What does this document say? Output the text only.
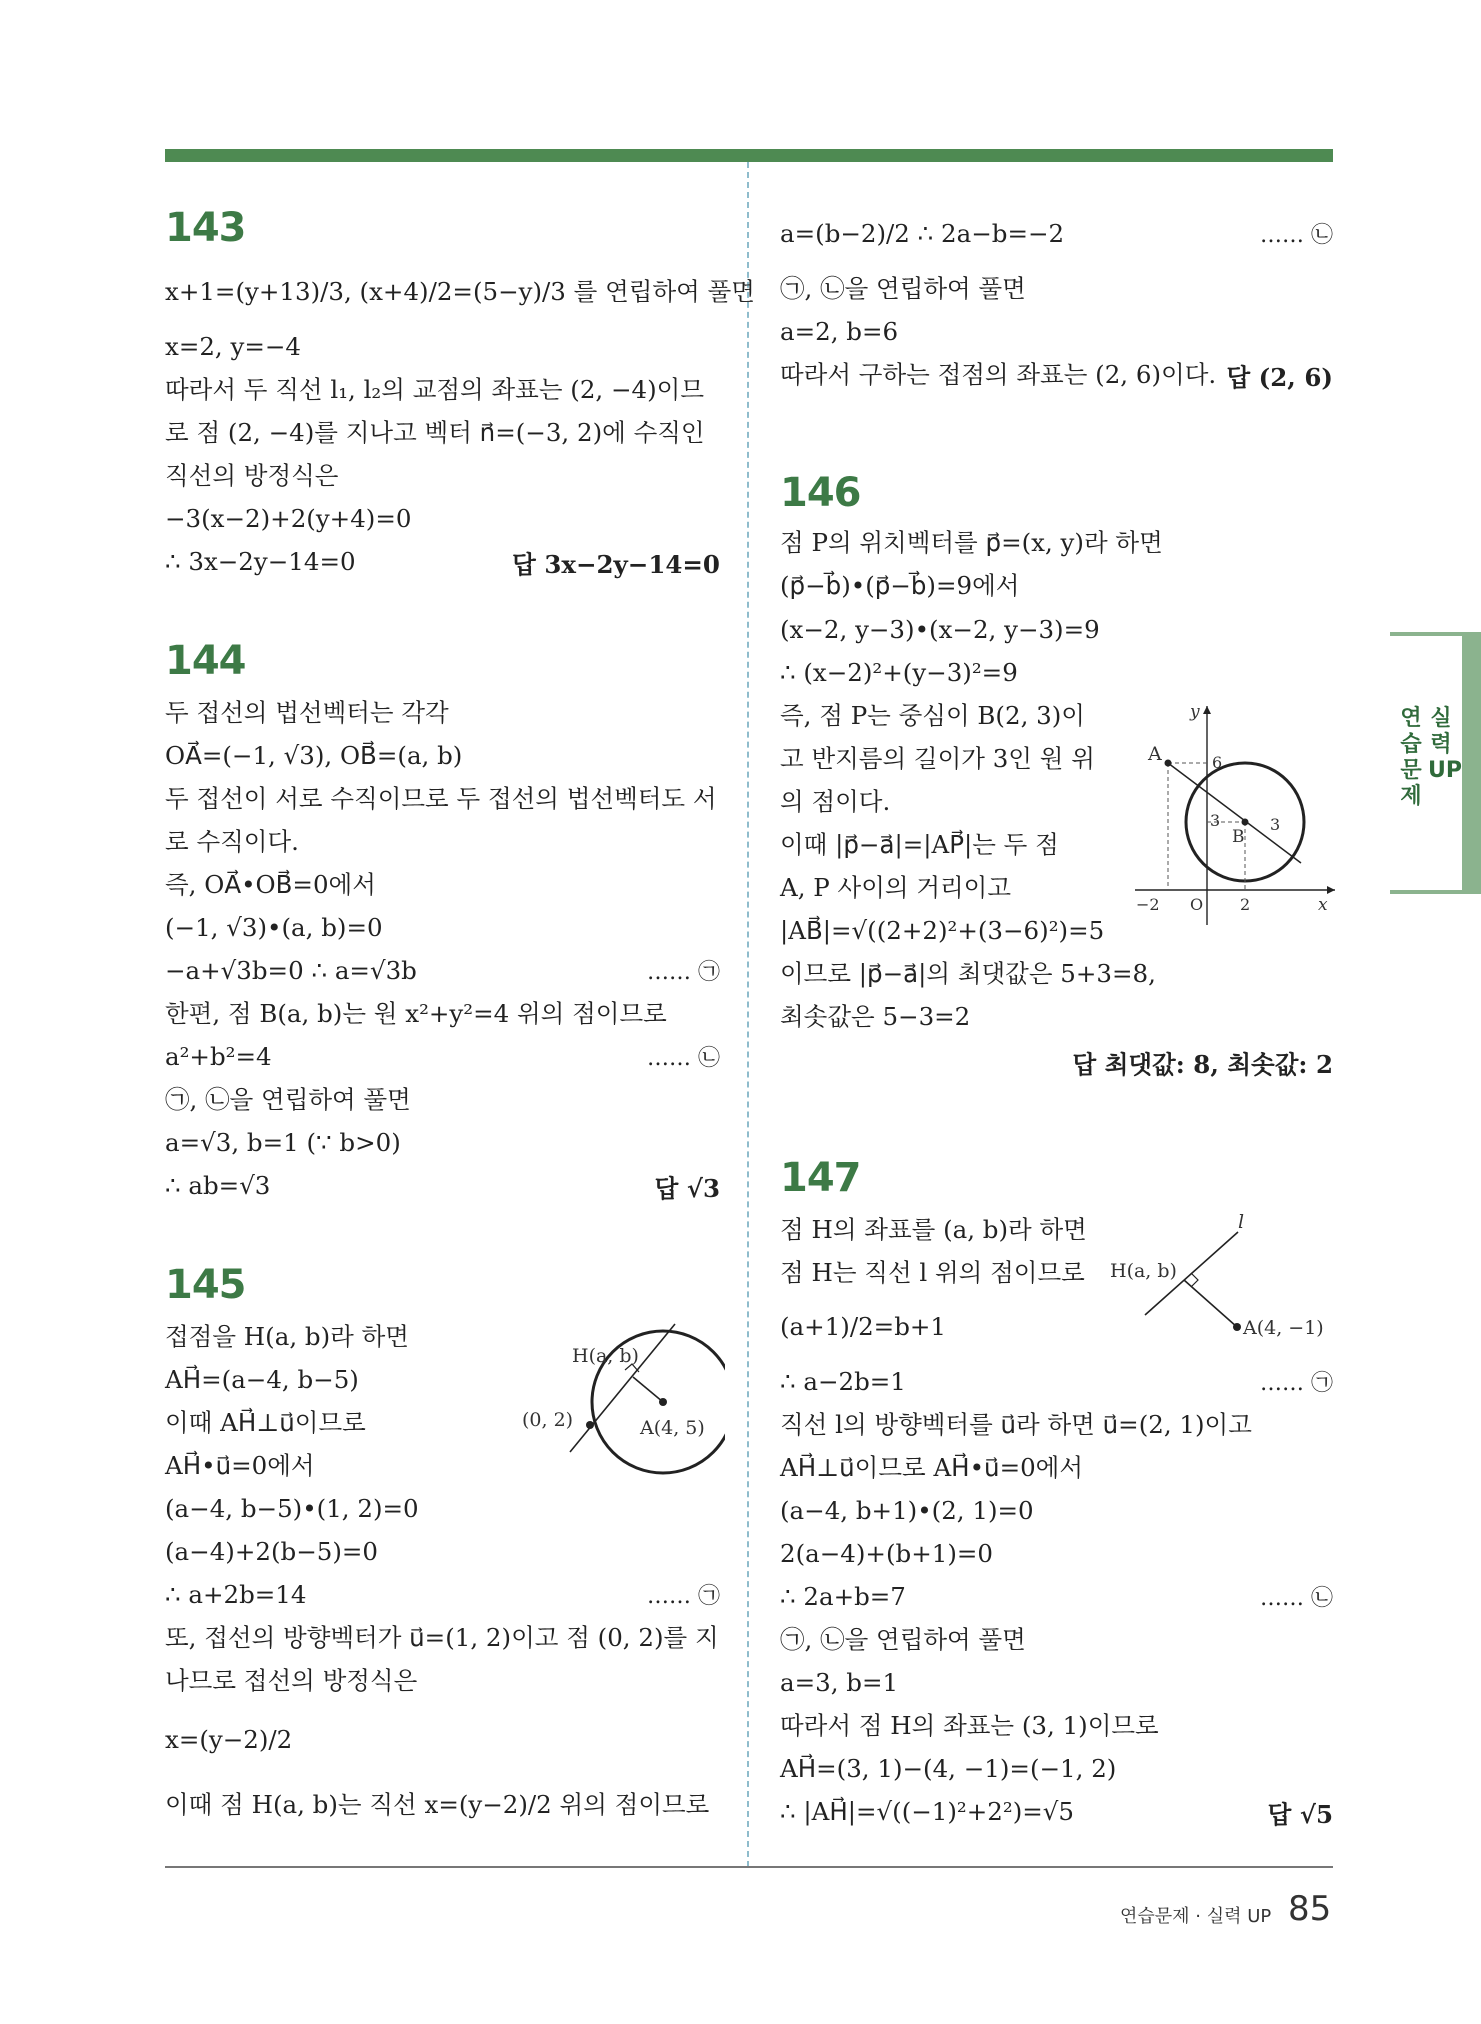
143
x+1=(y+13)/3, (x+4)/2=(5−y)/3 를 연립하여 풀면
x=2, y=−4
따라서 두 직선 l₁, l₂의 교점의 좌표는 (2, −4)이므
로 점 (2, −4)를 지나고 벡터 n⃗=(−3, 2)에 수직인
직선의 방정식은
−3(x−2)+2(y+4)=0
∴ 3x−2y−14=0	답 3x−2y−14=0
144
두 접선의 법선벡터는 각각
OA⃗=(−1, √3), OB⃗=(a, b)
두 접선이 서로 수직이므로 두 접선의 법선벡터도 서
로 수직이다.
즉, OA⃗•OB⃗=0에서
(−1, √3)•(a, b)=0
−a+√3b=0 ∴ a=√3b	…… ㉠
한편, 점 B(a, b)는 원 x²+y²=4 위의 점이므로
a²+b²=4	…… ㉡
㉠, ㉡을 연립하여 풀면
a=√3, b=1 (∵ b>0)
∴ ab=√3	답 √3
145
접점을 H(a, b)라 하면
AH⃗=(a−4, b−5)
이때 AH⃗⊥u⃗이므로
AH⃗•u⃗=0에서
(a−4, b−5)•(1, 2)=0
(a−4)+2(b−5)=0
∴ a+2b=14	…… ㉠
또, 접선의 방향벡터가 u⃗=(1, 2)이고 점 (0, 2)를 지
나므로 접선의 방정식은
x=(y−2)/2
이때 점 H(a, b)는 직선 x=(y−2)/2 위의 점이므로
H(a, b)
(0, 2)	A(4, 5)
a=(b−2)/2 ∴ 2a−b=−2	…… ㉡
㉠, ㉡을 연립하여 풀면
a=2, b=6
따라서 구하는 접점의 좌표는 (2, 6)이다. 답 (2, 6)
146
점 P의 위치벡터를 p⃗=(x, y)라 하면
(p⃗−b⃗)•(p⃗−b⃗)=9에서
(x−2, y−3)•(x−2, y−3)=9
∴ (x−2)²+(y−3)²=9
즉, 점 P는 중심이 B(2, 3)이
고 반지름의 길이가 3인 원 위
의 점이다.
이때 |p⃗−a⃗|=|AP⃗|는 두 점
A, P 사이의 거리이고
|AB⃗|=√((2+2)²+(3−6)²)=5
이므로 |p⃗−a⃗|의 최댓값은 5+3=8,
최솟값은 5−3=2
답 최댓값: 8, 최솟값: 2
y
A	6
3
B
3
−2 O 2	x
147
점 H의 좌표를 (a, b)라 하면
점 H는 직선 l 위의 점이므로
(a+1)/2=b+1
∴ a−2b=1	…… ㉠
직선 l의 방향벡터를 u⃗라 하면 u⃗=(2, 1)이고
AH⃗⊥u⃗이므로 AH⃗•u⃗=0에서
(a−4, b+1)•(2, 1)=0
2(a−4)+(b+1)=0
∴ 2a+b=7	…… ㉡
㉠, ㉡을 연립하여 풀면
a=3, b=1
따라서 점 H의 좌표는 (3, 1)이므로
AH⃗=(3, 1)−(4, −1)=(−1, 2)
∴ |AH⃗|=√((−1)²+2²)=√5	답 √5
l
H(a, b)
A(4, −1)
연습문제
실력UP
연습문제 · 실력 UP 85
